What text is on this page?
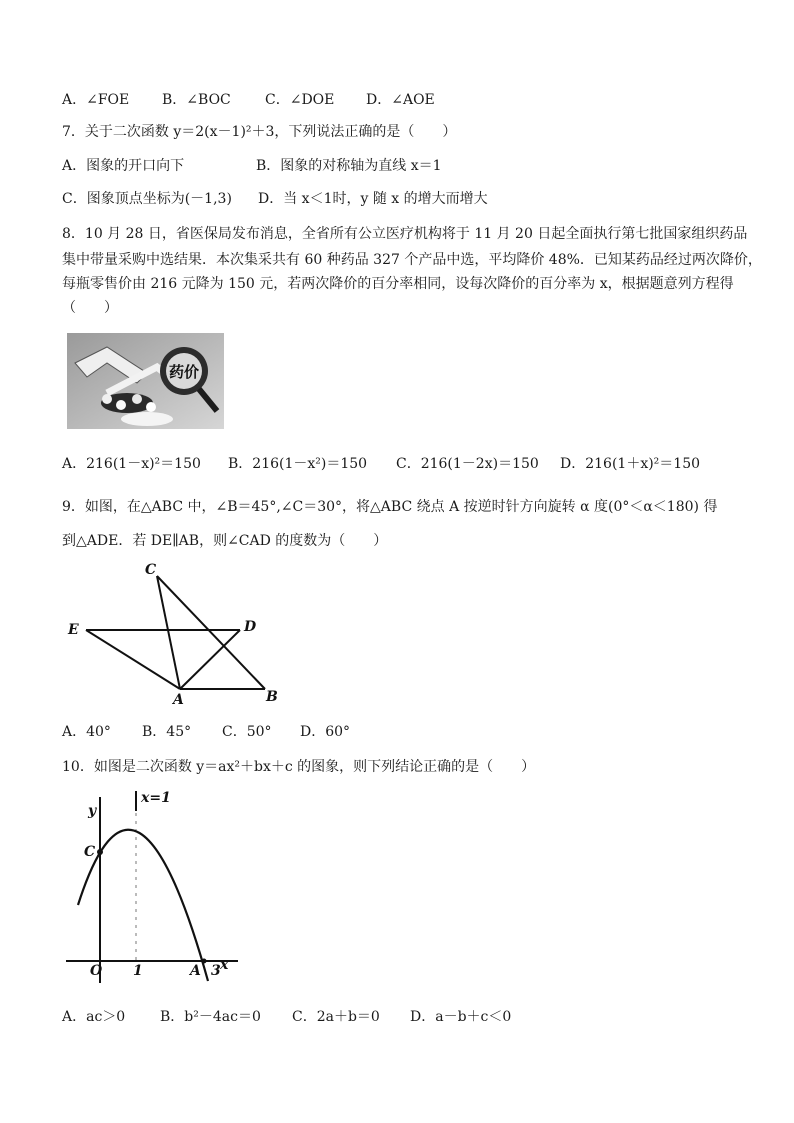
A．∠FOE B．∠BOC C．∠DOE D．∠AOE
7．关于二次函数 y＝2(x－1)²＋3，下列说法正确的是（　　）
A．图象的开口向下	B．图象的对称轴为直线 x＝1
C．图象顶点坐标为(－1,3) D．当 x＜1时，y 随 x 的增大而增大
8．10 月 28 日，省医保局发布消息，全省所有公立医疗机构将于 11 月 20 日起全面执行第七批国家组织药品
集中带量采购中选结果．本次集采共有 60 种药品 327 个产品中选，平均降价 48%．已知某药品经过两次降价，
每瓶零售价由 216 元降为 150 元，若两次降价的百分率相同，设每次降价的百分率为 x，根据题意列方程得
（　　）
药价
A．216(1－x)²＝150 B．216(1－x²)＝150 C．216(1－2x)＝150 D．216(1＋x)²＝150
9．如图，在△ABC 中，∠B＝45°,∠C＝30°，将△ABC 绕点 A 按逆时针方向旋转 α 度(0°＜α＜180) 得
到△ADE．若 DE∥AB，则∠CAD 的度数为（　　）
C
E	D
A	B
A．40° B．45° C．50° D．60°
10．如图是二次函数 y＝ax²＋bx＋c 的图象，则下列结论正确的是（　　）
y
x=1
C
O 1	A 3 x
A．ac＞0 B．b²－4ac＝0 C．2a＋b＝0 D．a－b＋c＜0
